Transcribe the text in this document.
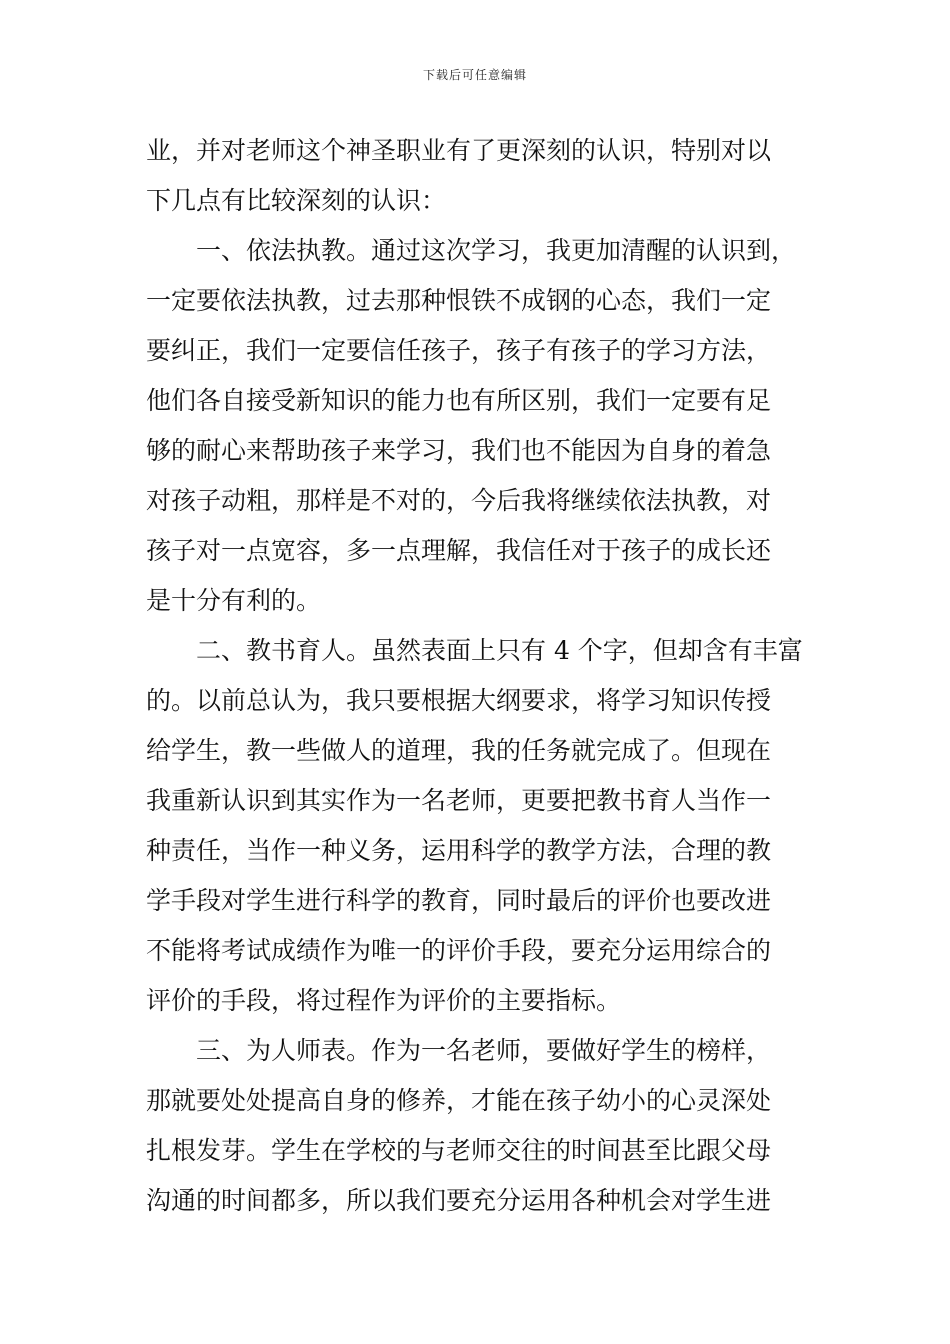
下载后可任意编辑
业，并对老师这个神圣职业有了更深刻的认识，特别对以
下几点有比较深刻的认识：
一、依法执教。通过这次学习，我更加清醒的认识到，
一定要依法执教，过去那种恨铁不成钢的心态，我们一定
要纠正，我们一定要信任孩子，孩子有孩子的学习方法，
他们各自接受新知识的能力也有所区别，我们一定要有足
够的耐心来帮助孩子来学习，我们也不能因为自身的着急
对孩子动粗，那样是不对的，今后我将继续依法执教，对
孩子对一点宽容，多一点理解，我信任对于孩子的成长还
是十分有利的。
二、教书育人。虽然表面上只有 4 个字，但却含有丰富
的。以前总认为，我只要根据大纲要求，将学习知识传授
给学生，教一些做人的道理，我的任务就完成了。但现在
我重新认识到其实作为一名老师，更要把教书育人当作一
种责任，当作一种义务，运用科学的教学方法，合理的教
学手段对学生进行科学的教育，同时最后的评价也要改进
不能将考试成绩作为唯一的评价手段，要充分运用综合的
评价的手段，将过程作为评价的主要指标。
三、为人师表。作为一名老师，要做好学生的榜样，
那就要处处提高自身的修养，才能在孩子幼小的心灵深处
扎根发芽。学生在学校的与老师交往的时间甚至比跟父母
沟通的时间都多，所以我们要充分运用各种机会对学生进
